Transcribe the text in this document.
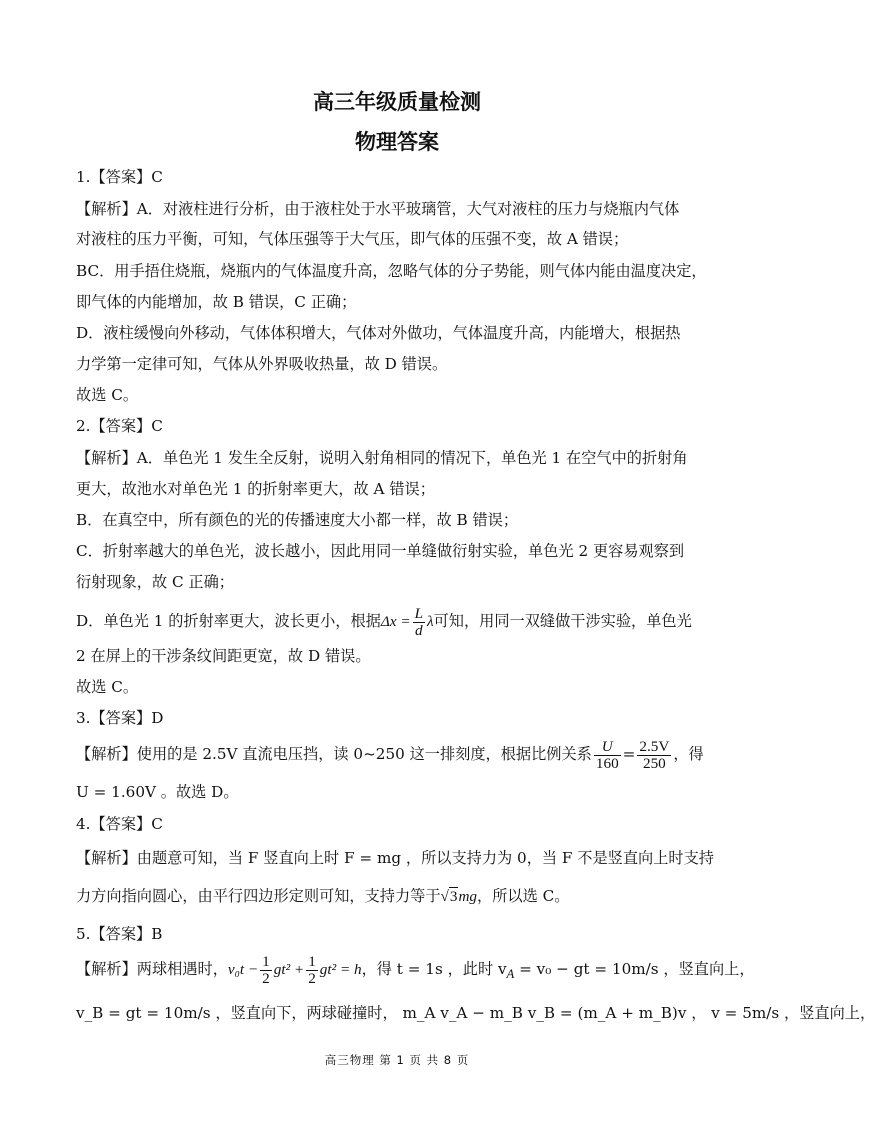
高三年级质量检测
物理答案
1.【答案】C
【解析】A．对液柱进行分析，由于液柱处于水平玻璃管，大气对液柱的压力与烧瓶内气体
对液柱的压力平衡，可知，气体压强等于大气压，即气体的压强不变，故 A 错误；
BC．用手捂住烧瓶，烧瓶内的气体温度升高，忽略气体的分子势能，则气体内能由温度决定，
即气体的内能增加，故 B 错误，C 正确；
D．液柱缓慢向外移动，气体体积增大，气体对外做功，气体温度升高，内能增大，根据热
力学第一定律可知，气体从外界吸收热量，故 D 错误。
故选 C。
2.【答案】C
【解析】A．单色光 1 发生全反射，说明入射角相同的情况下，单色光 1 在空气中的折射角
更大，故池水对单色光 1 的折射率更大，故 A 错误；
B．在真空中，所有颜色的光的传播速度大小都一样，故 B 错误；
C．折射率越大的单色光，波长越小，因此用同一单缝做衍射实验，单色光 2 更容易观察到
衍射现象，故 C 正确；
D．单色光 1 的折射率更大，波长更小，根据$\Delta x = \frac{L}{d}$ λ可知，用同一双缝做干涉实验，单色光
2 在屏上的干涉条纹间距更宽，故 D 错误。
故选 C。
3.【答案】D
【解析】使用的是 2.5V 直流电压挡，读 0~250 这一排刻度，根据比例关系 $\frac{U}{160} = \frac{2.5V}{250}$ ，得
U = 1.60V 。故选 D。
4.【答案】C
【解析】由题意可知，当 F 竖直向上时 F = mg ，所以支持力为 0，当 F 不是竖直向上时支持
力方向指向圆心，由平行四边形定则可知，支持力等于√3mg，所以选 C。
5.【答案】B
【解析】两球相遇时，$v_0t - \frac{1}{2} gt^2 + \frac{1}{2} gt^2 = h$，得 t = 1s ，此时 $v_A = v_0$ − gt = 10m/s ，竖直向上，
v_B = gt = 10m/s ，竖直向下，两球碰撞时， m_A v_A − m_B v_B = (m_A + m_B)v ， v = 5m/s ，竖直向上，
高三物理 第 1 页 共 8 页
